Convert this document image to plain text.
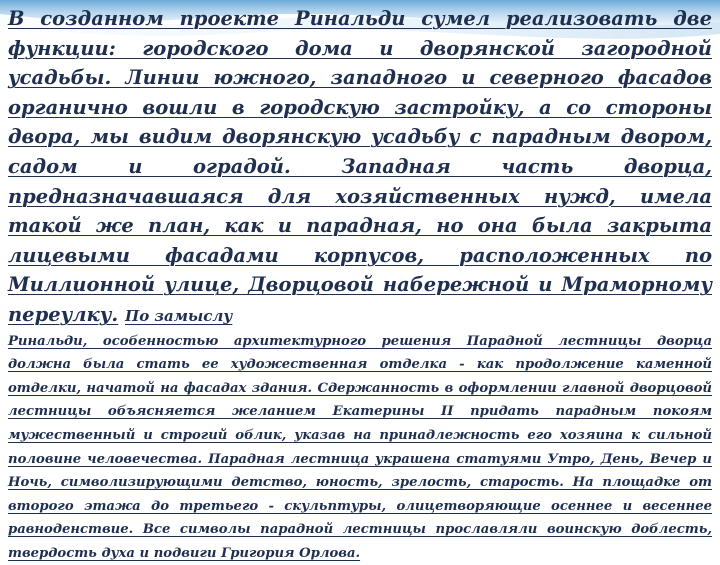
В созданном проекте Ринальди сумел реализовать две функции: городского дома и дворянской загородной усадьбы. Линии южного, западного и северного фасадов органично вошли в городскую застройку, а со стороны двора, мы видим дворянскую усадьбу с парадным двором, садом и оградой. Западная часть дворца, предназначавшаяся для хозяйственных нужд, имела такой же план, как и парадная, но она была закрыта лицевыми фасадами корпусов, расположенных по Миллионной улице, Дворцовой набережной и Мраморному переулку. По замыслу

Ринальди, особенностью архитектурного решения Парадной лестницы дворца должна была стать ее художественная отделка - как продолжение каменной отделки, начатой на фасадах здания. Сдержанность в оформлении главной дворцовой лестницы объясняется желанием Екатерины II придать парадным покоям мужественный и строгий облик, указав на принадлежность его хозяина к сильной половине человечества. Парадная лестница украшена статуями Утро, День, Вечер и Ночь, символизирующими детство, юность, зрелость, старость. На площадке от второго этажа до третьего - скульптуры, олицетворяющие осеннее и весеннее равноденствие. Все символы парадной лестницы прославляли воинскую доблесть, твердость духа и подвиги Григория Орлова.
